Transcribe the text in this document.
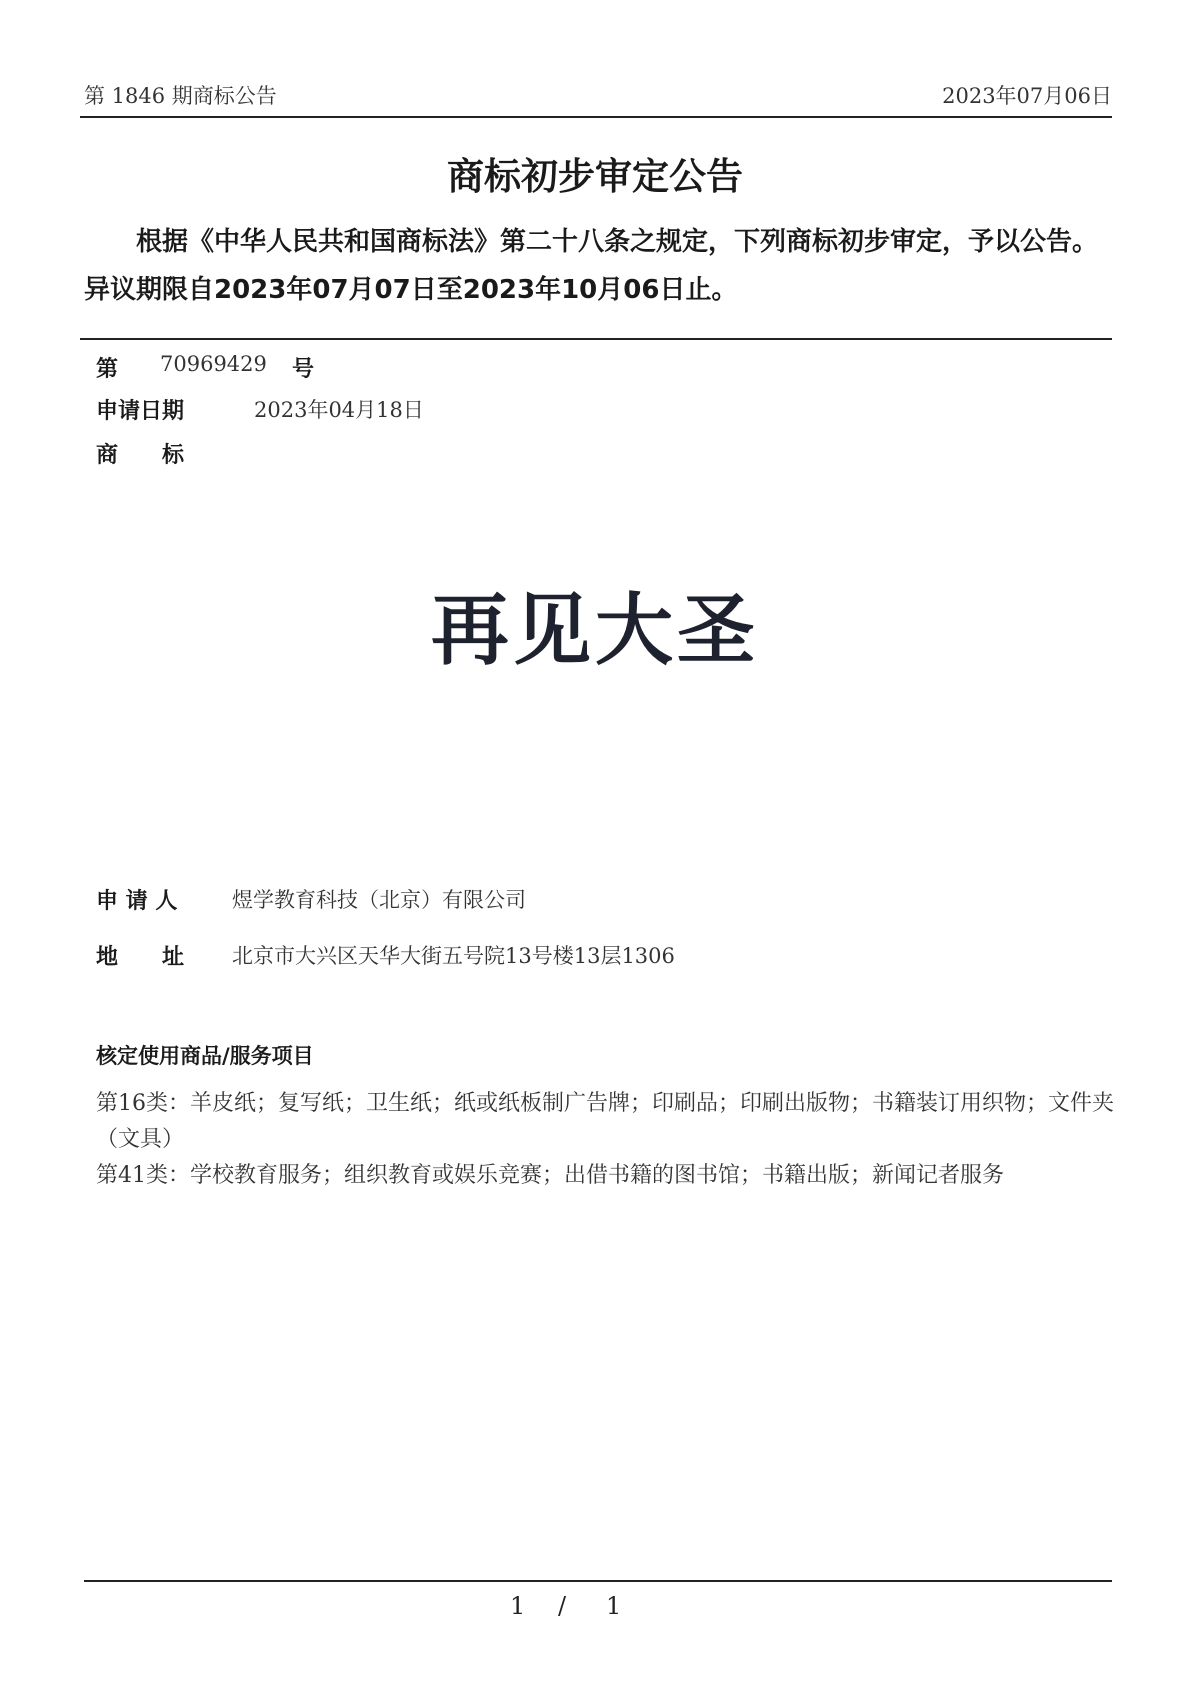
第 1846 期商标公告	2023年07月06日
商标初步审定公告
根据《中华人民共和国商标法》第二十八条之规定，下列商标初步审定，予以公告。异议期限自2023年07月07日至2023年10月06日止。
第 70969429 号
申请日期	2023年04月18日
商　　标
再见大圣
申 请 人	煜学教育科技（北京）有限公司
地　　址 北京市大兴区天华大街五号院13号楼13层1306
核定使用商品/服务项目
第16类：羊皮纸；复写纸；卫生纸；纸或纸板制广告牌；印刷品；印刷出版物；书籍装订用织物；文件夹（文具）
第41类：学校教育服务；组织教育或娱乐竞赛；出借书籍的图书馆；书籍出版；新闻记者服务
1 / 1
